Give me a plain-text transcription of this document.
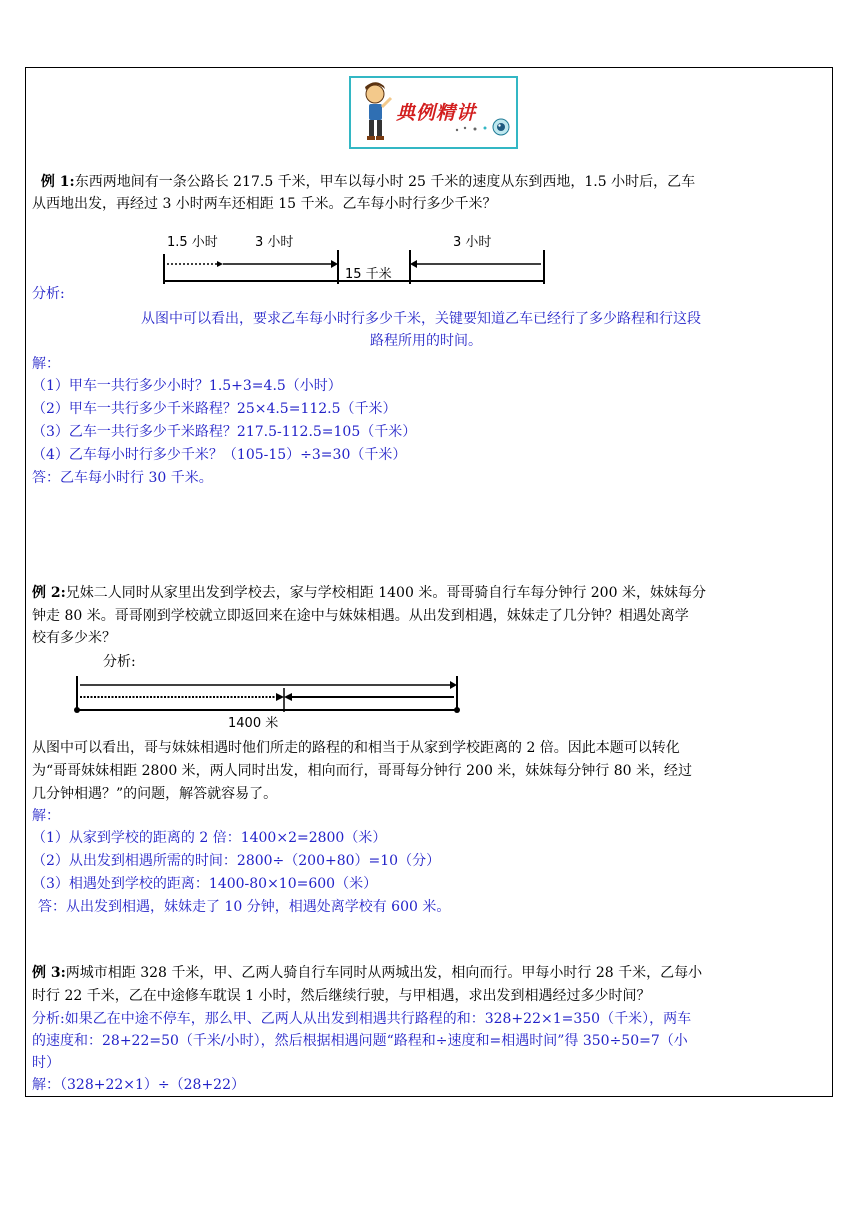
典例精讲
例 1:东西两地间有一条公路长 217.5 千米，甲车以每小时 25 千米的速度从东到西地，1.5 小时后，乙车
从西地出发，再经过 3 小时两车还相距 15 千米。乙车每小时行多少千米？
1.5 小时	3 小时	3 小时
15 千米
分析:
从图中可以看出，要求乙车每小时行多少千米，关键要知道乙车已经行了多少路程和行这段
路程所用的时间。
解：
（1）甲车一共行多少小时？1.5+3=4.5（小时）
（2）甲车一共行多少千米路程？25×4.5=112.5（千米）
（3）乙车一共行多少千米路程？217.5-112.5=105（千米）
（4）乙车每小时行多少千米？（105-15）÷3=30（千米）
答：乙车每小时行 30 千米。
例 2:兄妹二人同时从家里出发到学校去，家与学校相距 1400 米。哥哥骑自行车每分钟行 200 米，妹妹每分
钟走 80 米。哥哥刚到学校就立即返回来在途中与妹妹相遇。从出发到相遇，妹妹走了几分钟？相遇处离学
校有多少米？
分析:
1400 米
从图中可以看出，哥与妹妹相遇时他们所走的路程的和相当于从家到学校距离的 2 倍。因此本题可以转化
为“哥哥妹妹相距 2800 米，两人同时出发，相向而行，哥哥每分钟行 200 米，妹妹每分钟行 80 米，经过
几分钟相遇？”的问题，解答就容易了。
解：
（1）从家到学校的距离的 2 倍：1400×2=2800（米）
（2）从出发到相遇所需的时间：2800÷（200+80）=10（分）
（3）相遇处到学校的距离：1400-80×10=600（米）
答：从出发到相遇，妹妹走了 10 分钟，相遇处离学校有 600 米。
例 3:两城市相距 328 千米，甲、乙两人骑自行车同时从两城出发，相向而行。甲每小时行 28 千米，乙每小
时行 22 千米，乙在中途修车耽误 1 小时，然后继续行驶，与甲相遇，求出发到相遇经过多少时间？
分析:如果乙在中途不停车，那么甲、乙两人从出发到相遇共行路程的和：328+22×1=350（千米），两车
的速度和：28+22=50（千米/小时），然后根据相遇问题“路程和÷速度和=相遇时间”得 350÷50=7（小
时）
解：（328+22×1）÷（28+22）
